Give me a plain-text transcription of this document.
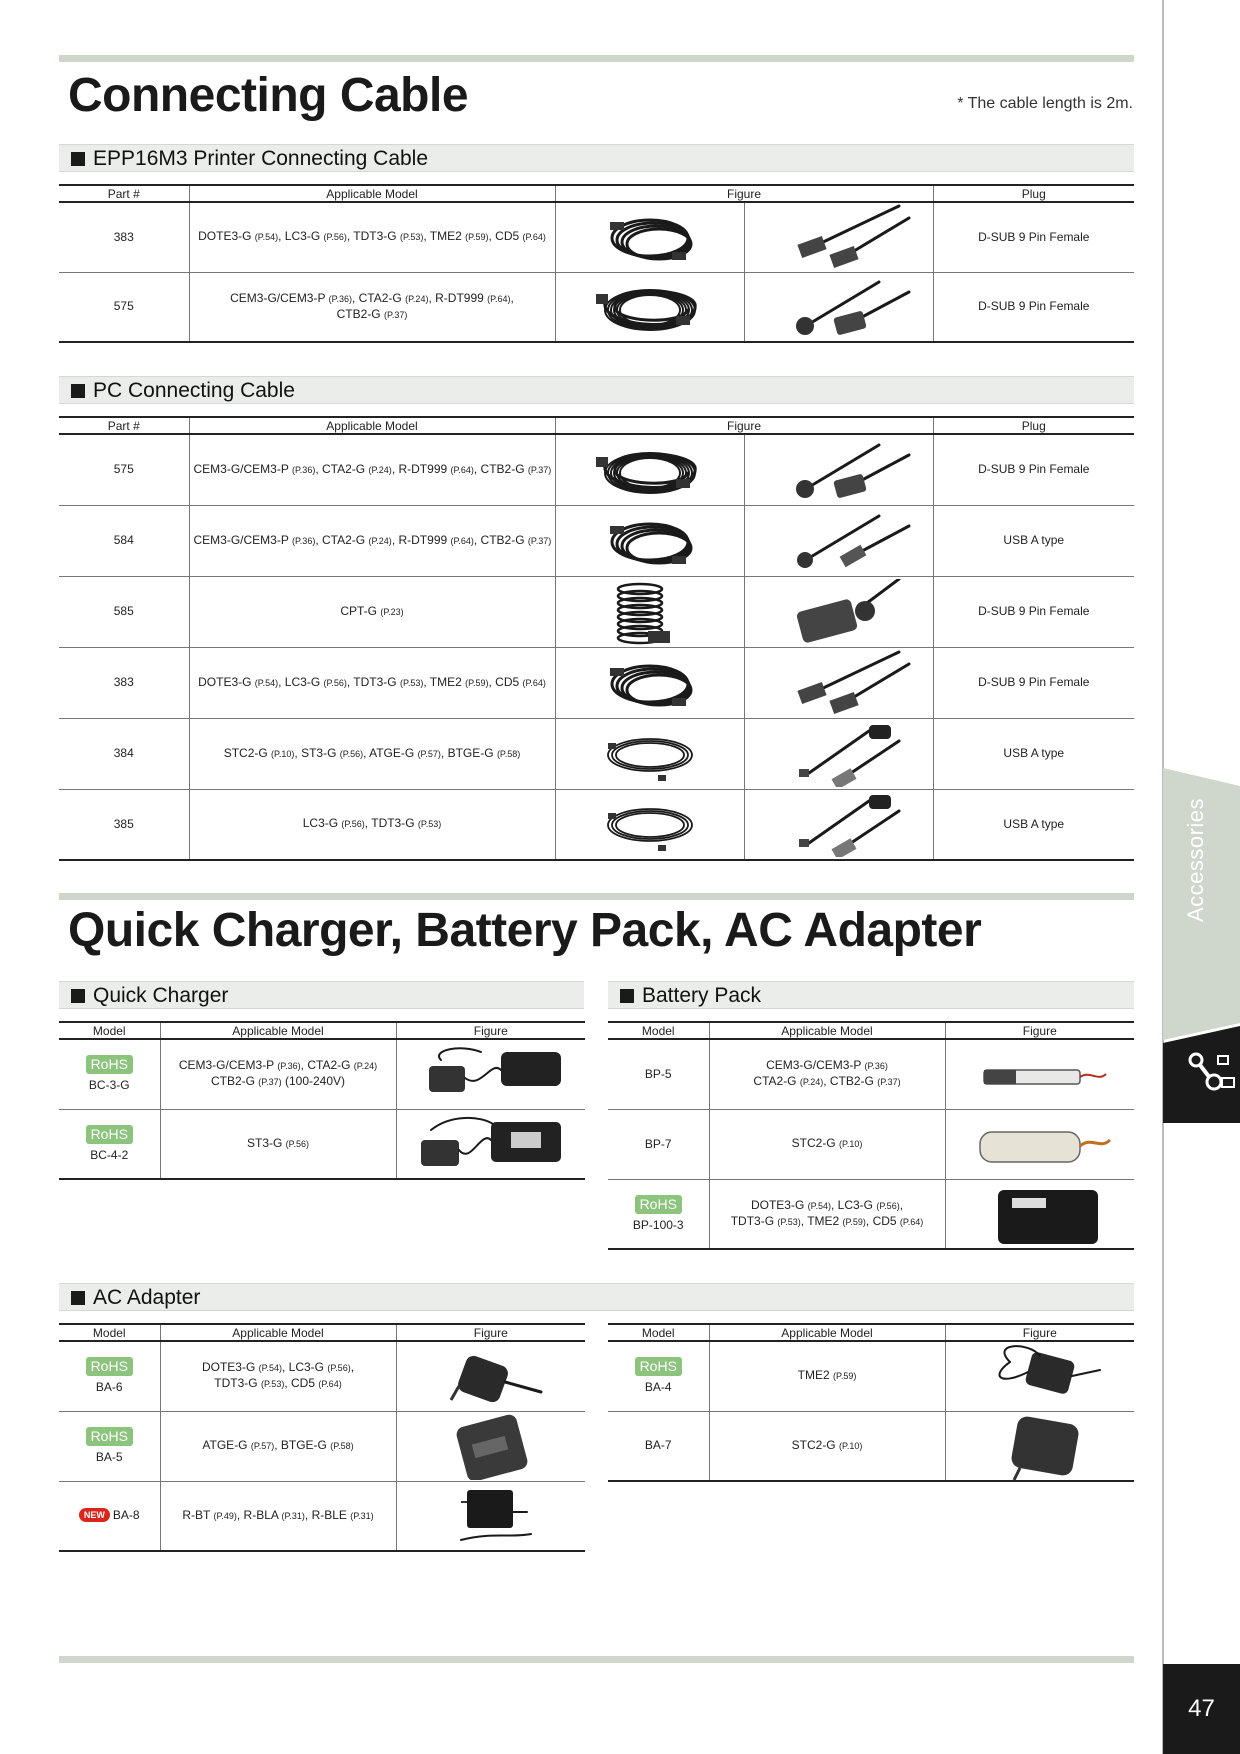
Accessories
47
Connecting Cable	* The cable length is 2m.
EPP16M3 Printer Connecting Cable
Part #	Applicable Model	Figure		Plug
383	DOTE3-G (P.54), LC3-G (P.56), TDT3-G (P.53), TME2 (P.59), CD5 (P.64)			D-SUB 9 Pin Female
575	CEM3-G/CEM3-P (P.36), CTA2-G (P.24), R-DT999 (P.64),
CTB2-G (P.37)			D-SUB 9 Pin Female
PC Connecting Cable
Part #	Applicable Model	Figure		Plug
575	CEM3-G/CEM3-P (P.36), CTA2-G (P.24), R-DT999 (P.64), CTB2-G (P.37)			D-SUB 9 Pin Female
584	CEM3-G/CEM3-P (P.36), CTA2-G (P.24), R-DT999 (P.64), CTB2-G (P.37)			USB A type
585	CPT-G (P.23)			D-SUB 9 Pin Female
383	DOTE3-G (P.54), LC3-G (P.56), TDT3-G (P.53), TME2 (P.59), CD5 (P.64)			D-SUB 9 Pin Female
384	STC2-G (P.10), ST3-G (P.56), ATGE-G (P.57), BTGE-G (P.58)			USB A type
385	LC3-G (P.56), TDT3-G (P.53)			USB A type
Quick Charger, Battery Pack, AC Adapter
Quick Charger
Model	Applicable Model	Figure
RoHS
BC-3-G	CEM3-G/CEM3-P (P.36), CTA2-G (P.24)
CTB2-G (P.37) (100-240V)	

RoHS
BC-4-2	ST3-G (P.56)	
Battery Pack
Model	Applicable Model	Figure
BP-5	CEM3-G/CEM3-P (P.36)
CTA2-G (P.24), CTB2-G (P.37)	

BP-7	STC2-G (P.10)	

RoHS
BP-100-3	DOTE3-G (P.54), LC3-G (P.56),
TDT3-G (P.53), TME2 (P.59), CD5 (P.64)	
AC Adapter
Model	Applicable Model	Figure
RoHS
BA-6	DOTE3-G (P.54), LC3-G (P.56),
TDT3-G (P.53), CD5 (P.64)	

RoHS
BA-5	ATGE-G (P.57), BTGE-G (P.58)	

NEW BA-8	R-BT (P.49), R-BLA (P.31), R-BLE (P.31)	
Model	Applicable Model	Figure
RoHS
BA-4	TME2 (P.59)	

BA-7	STC2-G (P.10)	
